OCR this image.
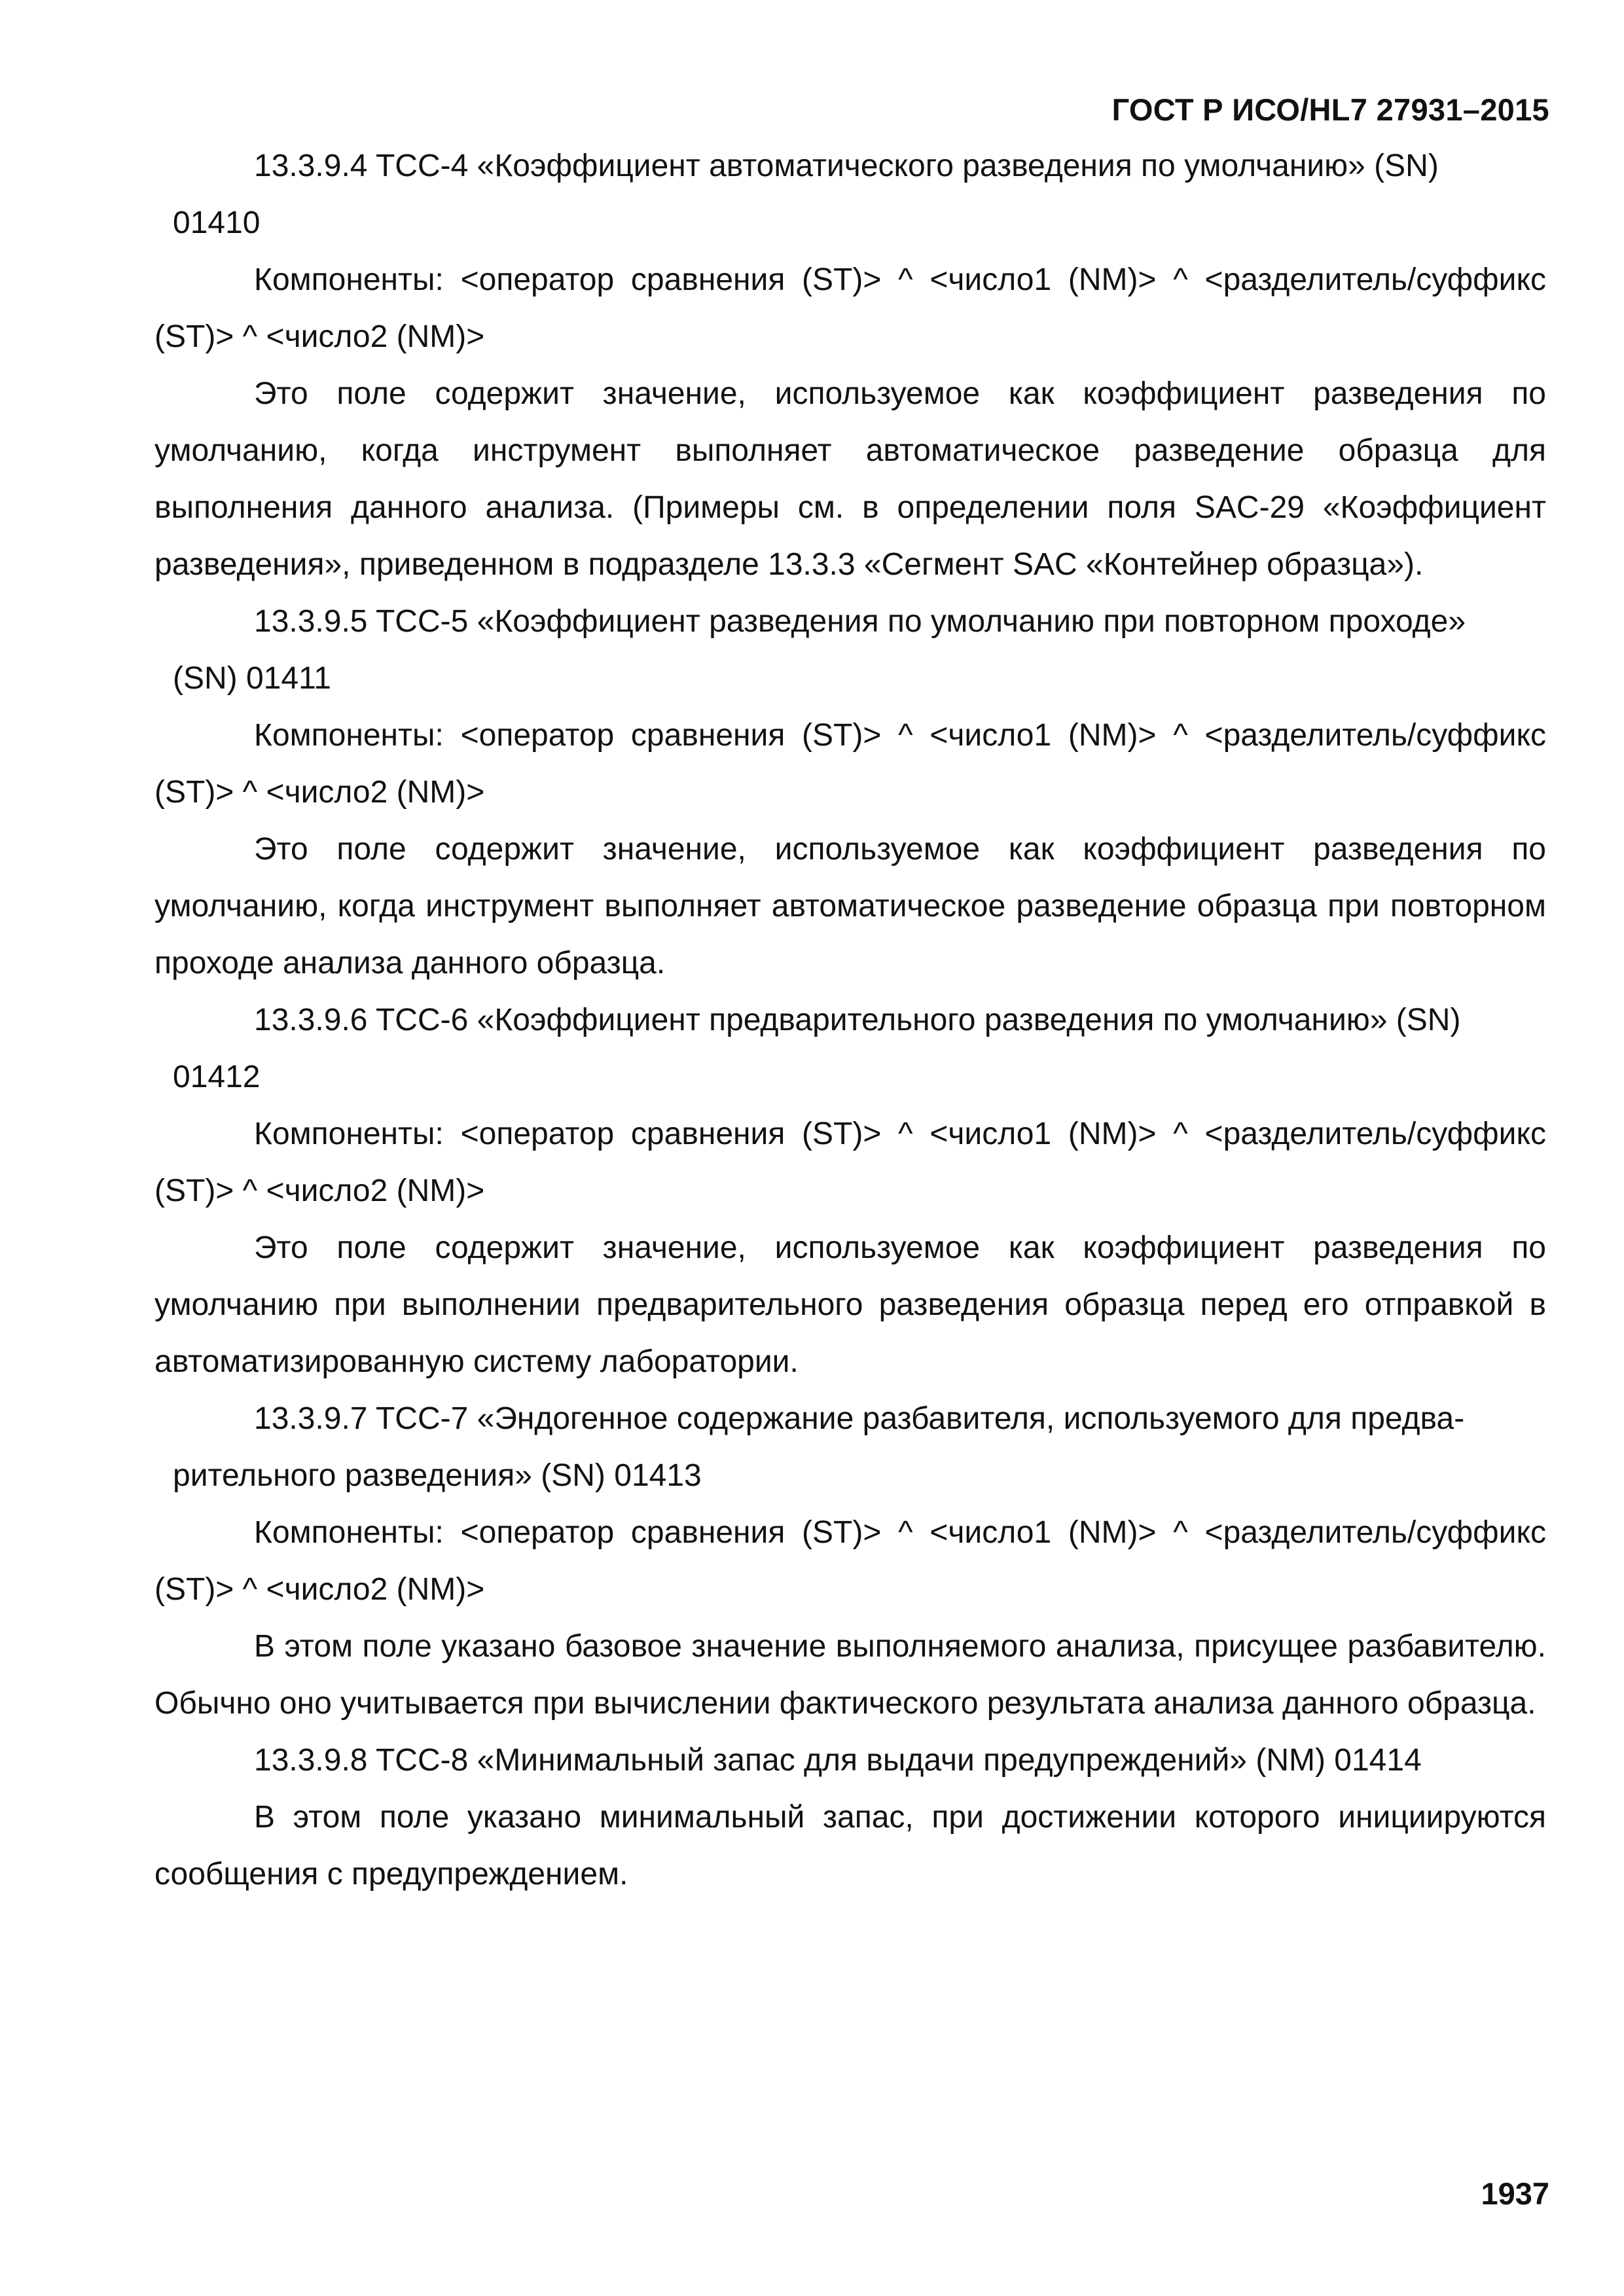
ГОСТ Р ИСО/HL7 27931–2015

13.3.9.4 TCC-4 «Коэффициент автоматического разведения по умолчанию» (SN)
01410

Компоненты: <оператор сравнения (ST)> ^ <число1 (NM)> ^ <разделитель/суффикс (ST)> ^ <число2 (NM)>

Это поле содержит значение, используемое как коэффициент разведения по умолчанию, когда инструмент выполняет автоматическое разведение образца для выполнения данного анализа. (Примеры см. в определении поля SAC-29 «Коэффициент разведения», приведенном в подразделе 13.3.3 «Сегмент SAC «Контейнер образца»).

13.3.9.5 TCC-5 «Коэффициент разведения по умолчанию при повторном проходе»
(SN) 01411

Компоненты: <оператор сравнения (ST)> ^ <число1 (NM)> ^ <разделитель/суффикс (ST)> ^ <число2 (NM)>

Это поле содержит значение, используемое как коэффициент разведения по умолчанию, когда инструмент выполняет автоматическое разведение образца при повторном проходе анализа данного образца.

13.3.9.6 TCC-6 «Коэффициент предварительного разведения по умолчанию» (SN)
01412

Компоненты: <оператор сравнения (ST)> ^ <число1 (NM)> ^ <разделитель/суффикс (ST)> ^ <число2 (NM)>

Это поле содержит значение, используемое как коэффициент разведения по умолчанию при выполнении предварительного разведения образца перед его отправкой в автоматизированную систему лаборатории.

13.3.9.7 TCC-7 «Эндогенное содержание разбавителя, используемого для предва-
рительного разведения» (SN) 01413

Компоненты: <оператор сравнения (ST)> ^ <число1 (NM)> ^ <разделитель/суффикс (ST)> ^ <число2 (NM)>

В этом поле указано базовое значение выполняемого анализа, присущее разбавителю. Обычно оно учитывается при вычислении фактического результата анализа данного образца.

13.3.9.8 TCC-8 «Минимальный запас для выдачи предупреждений» (NM) 01414

В этом поле указано минимальный запас, при достижении которого инициируются сообщения с предупреждением.

1937
